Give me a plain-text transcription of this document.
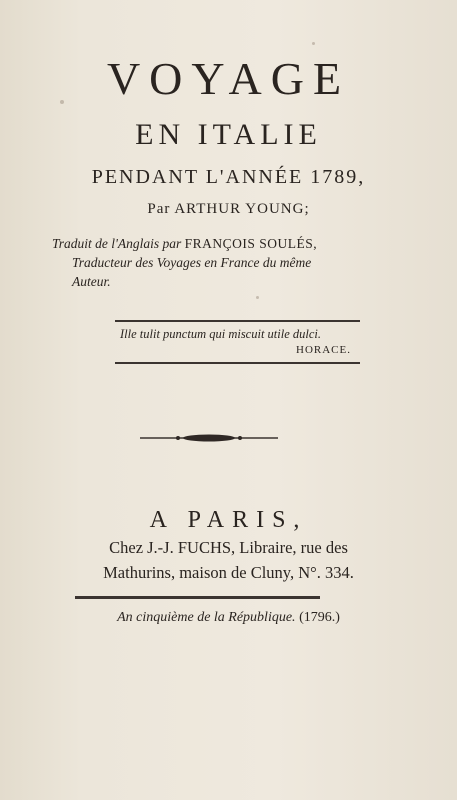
VOYAGE
EN ITALIE
PENDANT L'ANNÉE 1789,
Par ARTHUR YOUNG;
Traduit de l'Anglais par FRANÇOIS SOULÉS,
Traducteur des Voyages en France du même
Auteur.
Ille tulit punctum qui miscuit utile dulci.
HORACE.
A PARIS,
Chez J.-J. FUCHS, Libraire, rue des
Mathurins, maison de Cluny, N°. 334.
An cinquième de la République. (1796.)
